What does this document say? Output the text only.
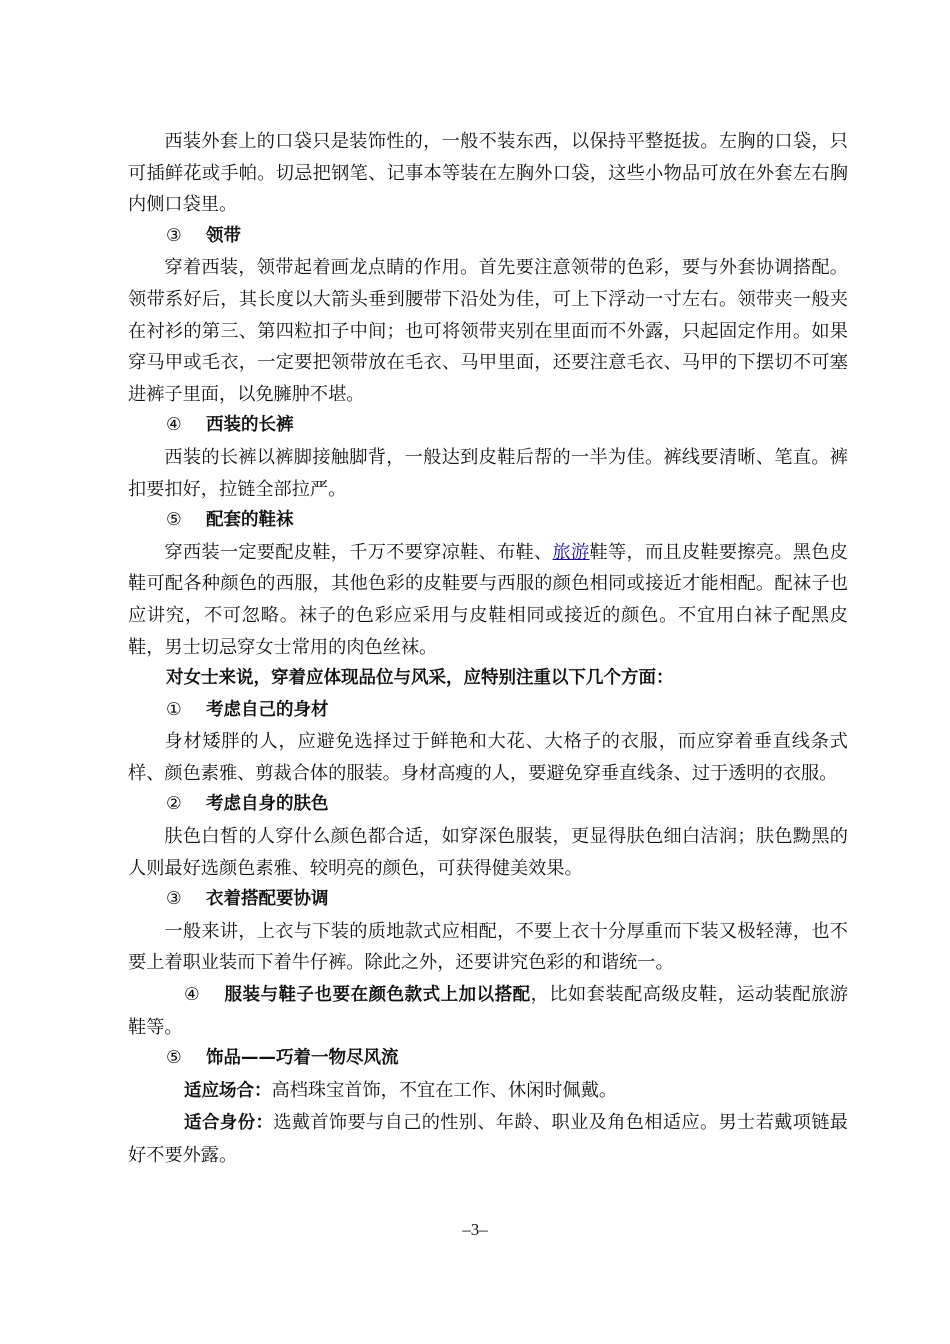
西装外套上的口袋只是装饰性的，一般不装东西，以保持平整挺拔。左胸的口袋，只可插鲜花或手帕。切忌把钢笔、记事本等装在左胸外口袋，这些小物品可放在外套左右胸内侧口袋里。

③ 领带

穿着西装，领带起着画龙点睛的作用。首先要注意领带的色彩，要与外套协调搭配。领带系好后，其长度以大箭头垂到腰带下沿处为佳，可上下浮动一寸左右。领带夹一般夹在衬衫的第三、第四粒扣子中间；也可将领带夹别在里面而不外露，只起固定作用。如果穿马甲或毛衣，一定要把领带放在毛衣、马甲里面，还要注意毛衣、马甲的下摆切不可塞进裤子里面，以免臃肿不堪。

④ 西装的长裤

西装的长裤以裤脚接触脚背，一般达到皮鞋后帮的一半为佳。裤线要清晰、笔直。裤扣要扣好，拉链全部拉严。

⑤ 配套的鞋袜

穿西装一定要配皮鞋，千万不要穿凉鞋、布鞋、旅游鞋等，而且皮鞋要擦亮。黑色皮鞋可配各种颜色的西服，其他色彩的皮鞋要与西服的颜色相同或接近才能相配。配袜子也应讲究，不可忽略。袜子的色彩应采用与皮鞋相同或接近的颜色。不宜用白袜子配黑皮鞋，男士切忌穿女士常用的肉色丝袜。

对女士来说，穿着应体现品位与风采，应特别注重以下几个方面：

① 考虑自己的身材

身材矮胖的人，应避免选择过于鲜艳和大花、大格子的衣服，而应穿着垂直线条式样、颜色素雅、剪裁合体的服装。身材高瘦的人，要避免穿垂直线条、过于透明的衣服。

② 考虑自身的肤色

肤色白皙的人穿什么颜色都合适，如穿深色服装，更显得肤色细白洁润；肤色黝黑的人则最好选颜色素雅、较明亮的颜色，可获得健美效果。

③ 衣着搭配要协调

一般来讲，上衣与下装的质地款式应相配，不要上衣十分厚重而下装又极轻薄，也不要上着职业装而下着牛仔裤。除此之外，还要讲究色彩的和谐统一。

④ 服装与鞋子也要在颜色款式上加以搭配，比如套装配高级皮鞋，运动装配旅游鞋等。

⑤ 饰品——巧着一物尽风流

适应场合：高档珠宝首饰，不宜在工作、休闲时佩戴。

适合身份：选戴首饰要与自己的性别、年龄、职业及角色相适应。男士若戴项链最好不要外露。

–3–
